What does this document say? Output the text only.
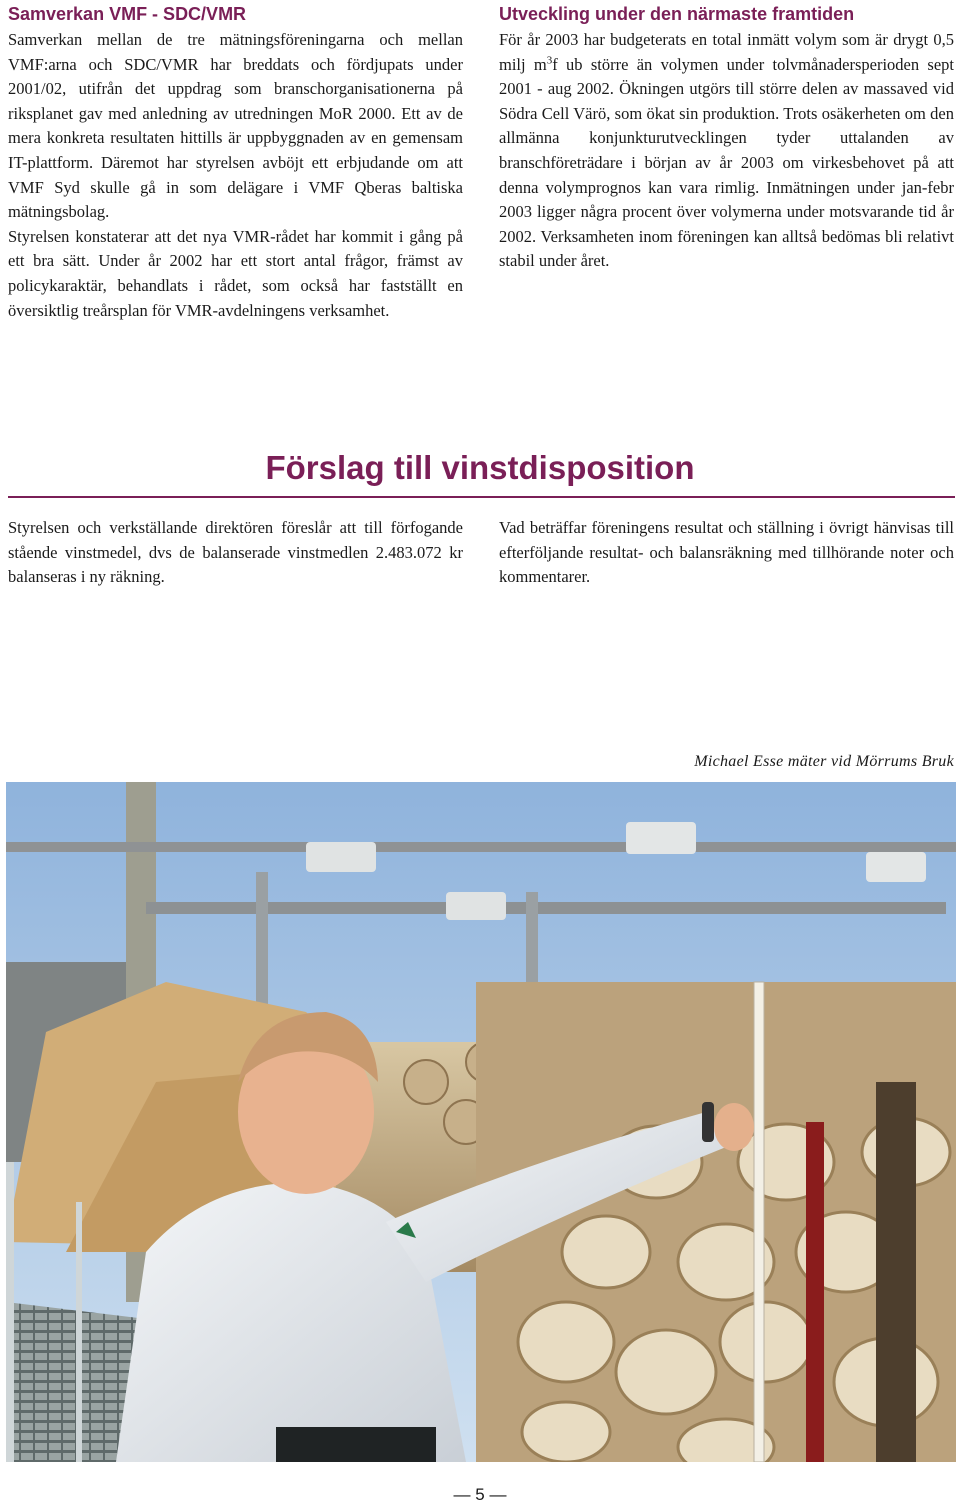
Samverkan VMF - SDC/VMR

Samverkan mellan de tre mätningsföreningarna och mellan VMF:arna och SDC/VMR har breddats och fördjupats under 2001/02, utifrån det uppdrag som branschorganisationerna på riksplanet gav med anledning av utredningen MoR 2000. Ett av de mera konkreta resultaten hittills är uppbyggnaden av en gemensam IT-plattform. Däremot har styrelsen avböjt ett erbjudande om att VMF Syd skulle gå in som delägare i VMF Qberas baltiska mätningsbolag.

Styrelsen konstaterar att det nya VMR-rådet har kommit i gång på ett bra sätt. Under år 2002 har ett stort antal frågor, främst av policykaraktär, behandlats i rådet, som också har fastställt en översiktlig treårsplan för VMR-avdelningens verksamhet.

Utveckling under den närmaste framtiden

För år 2003 har budgeterats en total inmätt volym som är drygt 0,5 milj $m^3f$ ub större än volymen under tolvmånadersperioden sept 2001 - aug 2002. Ökningen utgörs till större delen av massaved vid Södra Cell Värö, som ökat sin produktion. Trots osäkerheten om den allmänna konjunkturutvecklingen tyder uttalanden av branschföreträdare i början av år 2003 om virkesbehovet på att denna volymprognos kan vara rimlig. Inmätningen under jan-febr 2003 ligger några procent över volymerna under motsvarande tid år 2002. Verksamheten inom föreningen kan alltså bedömas bli relativt stabil under året.

Förslag till vinstdisposition

Styrelsen och verkställande direktören föreslår att till förfogande stående vinstmedel, dvs de balanserade vinstmedlen 2.483.072 kr balanseras i ny räkning.

Vad beträffar föreningens resultat och ställning i övrigt hänvisas till efterföljande resultat- och balansräkning med tillhörande noter och kommentarer.

Michael Esse mäter vid Mörrums Bruk
— 5 —
